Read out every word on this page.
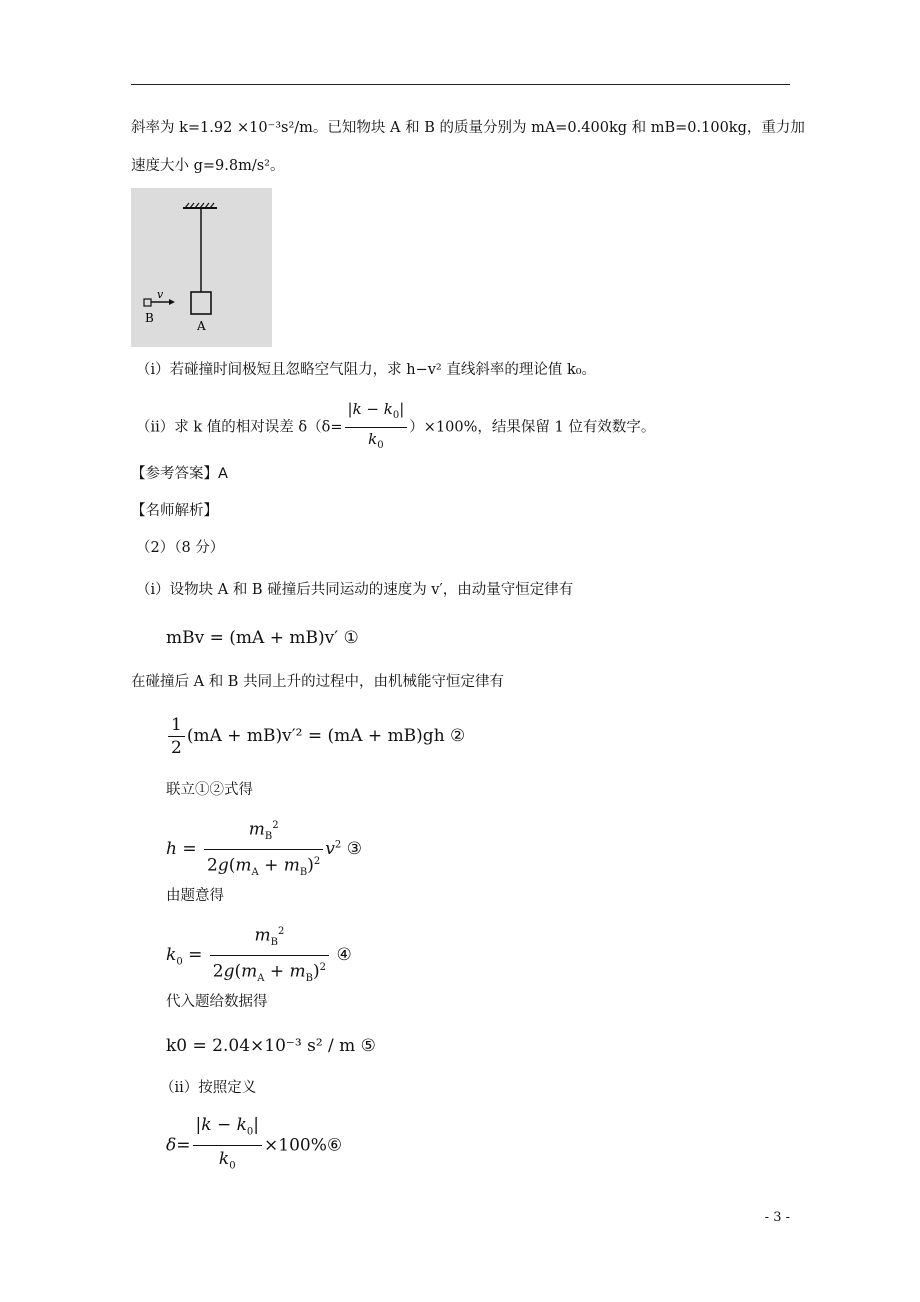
斜率为 k=1.92 ×10⁻³s²/m。已知物块 A 和 B 的质量分别为 mA=0.400kg 和 mB=0.100kg，重力加
速度大小 g=9.8m/s²。
v
B
A
（i）若碰撞时间极短且忽略空气阻力，求 h−v² 直线斜率的理论值 k₀。
（ii）求 k 值的相对误差 $\delta(\delta= \frac{|k - k_0|}{k_0} )\times 100\%$，结果保留 1 位有效数字。
【参考答案】A
【名师解析】
（2）（8 分）
（i）设物块 A 和 B 碰撞后共同运动的速度为 v′，由动量守恒定律有
mBv = (mA + mB)v′ ①
在碰撞后 A 和 B 共同上升的过程中，由机械能守恒定律有
$\frac{1}{2} (mA + mB)v'^2 = (mA + mB)gh$ ②
联立①②式得
$h = \frac{m_B^2}{2g(m_A + m_B)^2} v^2$ ③
由题意得
$k_0 = \frac{m_B^2}{2g(m_A + m_B)^2}$ ④
代入题给数据得
k0 = 2.04×10⁻³ s² / m ⑤
（ii）按照定义
$\delta= \frac{|k - k_0|}{k_0}$ ×100%⑥
- 3 -
